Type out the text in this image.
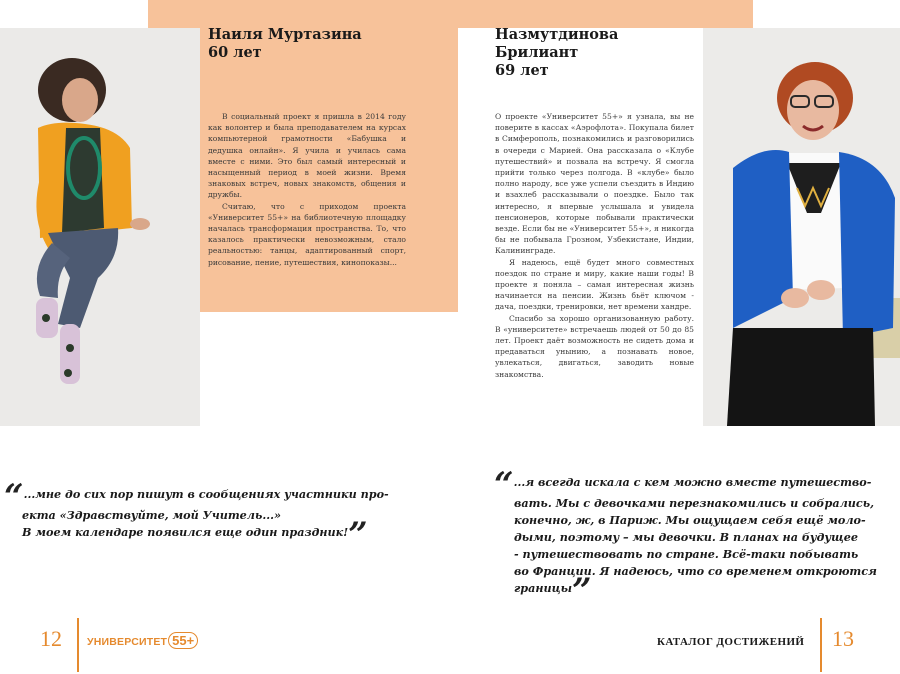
Наиля Муртазина
60 лет

В социальный проект я пришла в 2014 году как волонтер и была преподавателем на курсах компьютерной грамотности «Бабушка и дедушка онлайн». Я учила и училась сама вместе с ними. Это был самый интересный и насыщенный период в моей жизни. Время знаковых встреч, новых знакомств, общения и дружбы.

Считаю, что с приходом проекта «Университет 55+» на библиотечную площадку началась трансформация пространства. То, что казалось практически невозможным, стало реальностью: танцы, адаптированный спорт, рисование, пение, путешествия, кинопоказы...

Назмутдинова
Брилиант
69 лет

О проекте «Университет 55+» я узнала, вы не поверите в кассах «Аэрофлота». Покупала билет в Симферополь, познакомились и разговорились в очереди с Марией. Она рассказала о «Клубе путешествий» и позвала на встречу. Я смогла прийти только через полгода. В «клубе» было полно народу, все уже успели съездить в Индию и взахлеб рассказывали о поездке. Было так интересно, я впервые услышала и увидела пенсионеров, которые побывали практически везде. Если бы не «Университет 55+», я никогда бы не побывала Грозном, Узбекистане, Индии, Калининграде.

Я надеюсь, ещё будет много совместных поездок по стране и миру, какие наши годы! В проекте я поняла – самая интересная жизнь начинается на пенсии. Жизнь бьёт ключом - дача, поездки, тренировки, нет времени хандре.

Спасибо за хорошо организованную работу. В «университете» встречаешь людей от 50 до 85 лет. Проект даёт возможность не сидеть дома и предаваться унынию, а познавать новое, увлекаться, двигаться, заводить новые знакомства.

“...мне до сих пор пишут в сообщениях участники про-
екта «Здравствуйте, мой Учитель...»
В моем календаре появился еще один праздник!”
“...я всегда искала с кем можно вместе путешество-
вать. Мы с девочками перезнакомились и собрались,
конечно, ж, в Париж. Мы ощущаем себя ещё моло-
дыми, поэтому – мы девочки. В планах на будущее
- путешествовать по стране. Всё-таки побывать
во Франции. Я надеюсь, что со временем откроются
границы”
12 УНИВЕРСИТЕТ 55+	КАТАЛОГ ДОСТИЖЕНИЙ 13
